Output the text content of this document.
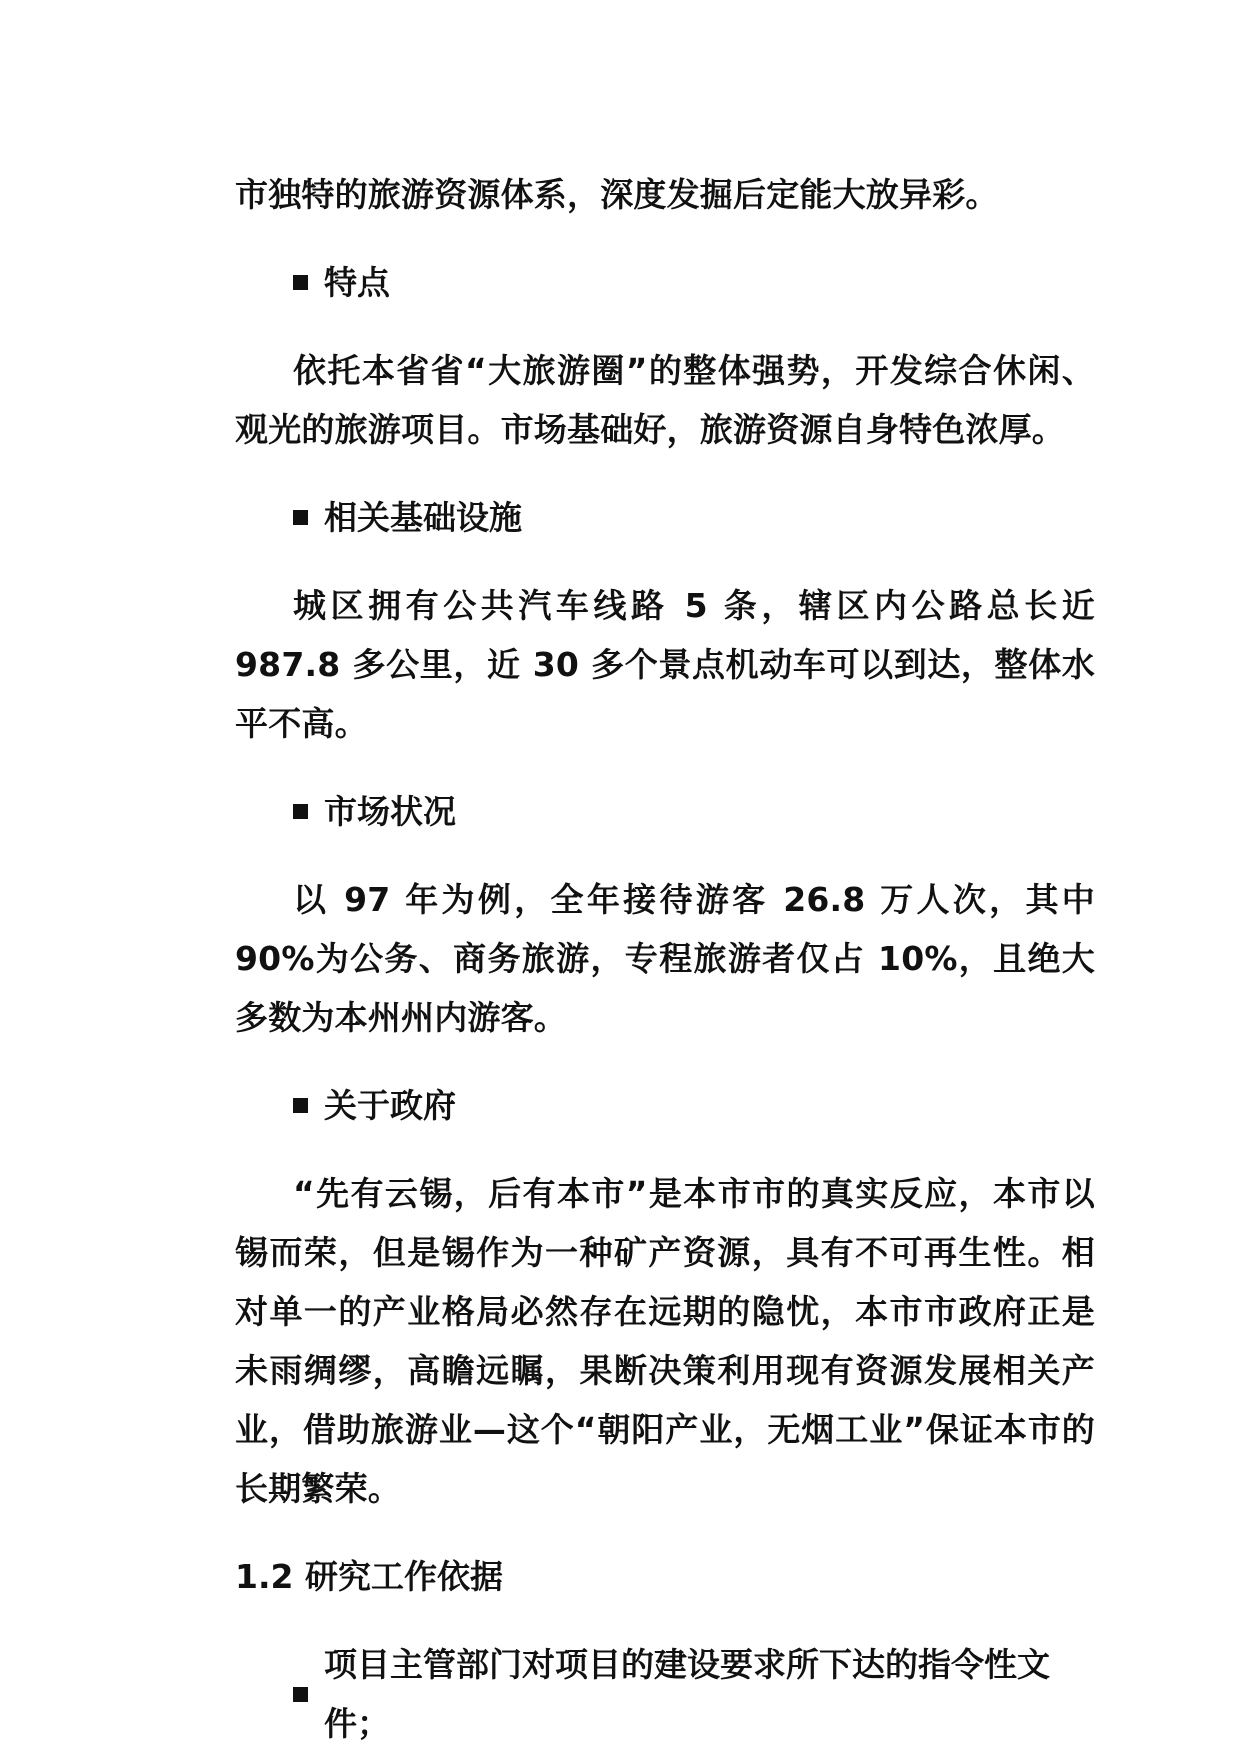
市独特的旅游资源体系，深度发掘后定能大放异彩。

特点

依托本省省“大旅游圈”的整体强势，开发综合休闲、观光的旅游项目。市场基础好，旅游资源自身特色浓厚。

相关基础设施

城区拥有公共汽车线路 5 条，辖区内公路总长近 987.8 多公里，近 30 多个景点机动车可以到达，整体水平不高。

市场状况

以 97 年为例，全年接待游客 26.8 万人次，其中 90%为公务、商务旅游，专程旅游者仅占 10%，且绝大多数为本州州内游客。

关于政府

“先有云锡，后有本市”是本市市的真实反应，本市以锡而荣，但是锡作为一种矿产资源，具有不可再生性。相对单一的产业格局必然存在远期的隐忧，本市市政府正是未雨绸缪，高瞻远瞩，果断决策利用现有资源发展相关产业，借助旅游业—这个“朝阳产业，无烟工业”保证本市的长期繁荣。

1.2 研究工作依据
项目主管部门对项目的建设要求所下达的指令性文件；
